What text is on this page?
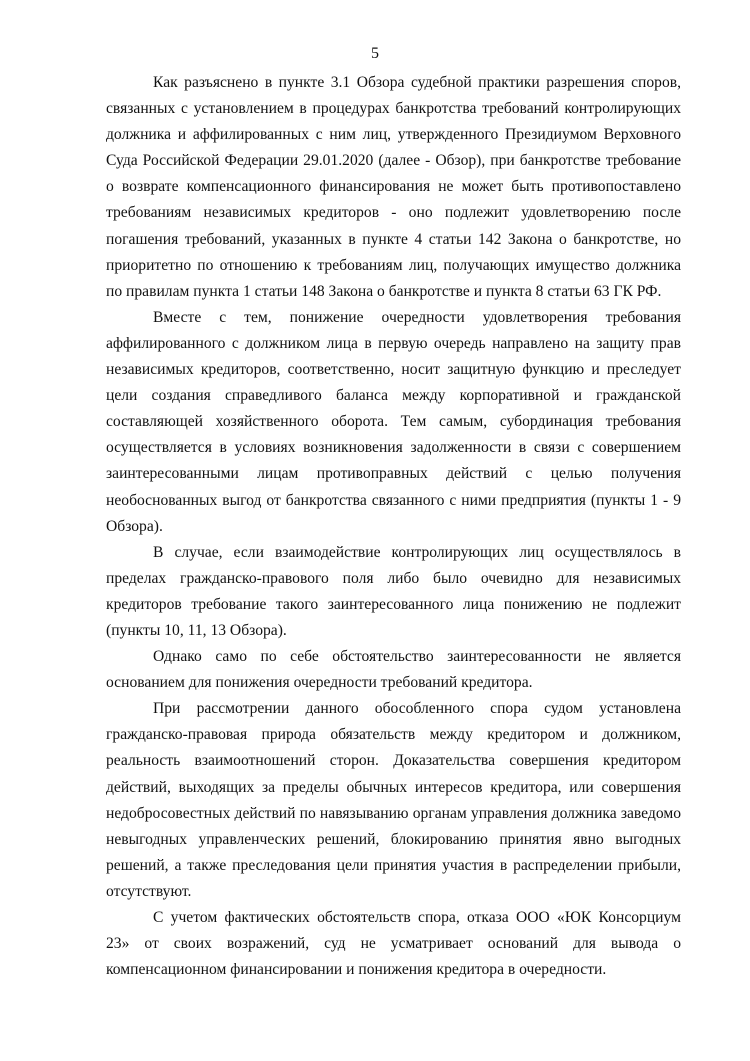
5

Как разъяснено в пункте 3.1 Обзора судебной практики разрешения споров, связанных с установлением в процедурах банкротства требований контролирующих должника и аффилированных с ним лиц, утвержденного Президиумом Верховного Суда Российской Федерации 29.01.2020 (далее - Обзор), при банкротстве требование о возврате компенсационного финансирования не может быть противопоставлено требованиям независимых кредиторов - оно подлежит удовлетворению после погашения требований, указанных в пункте 4 статьи 142 Закона о банкротстве, но приоритетно по отношению к требованиям лиц, получающих имущество должника по правилам пункта 1 статьи 148 Закона о банкротстве и пункта 8 статьи 63 ГК РФ.

Вместе с тем, понижение очередности удовлетворения требования аффилированного с должником лица в первую очередь направлено на защиту прав независимых кредиторов, соответственно, носит защитную функцию и преследует цели создания справедливого баланса между корпоративной и гражданской составляющей хозяйственного оборота. Тем самым, субординация требования осуществляется в условиях возникновения задолженности в связи с совершением заинтересованными лицам противоправных действий с целью получения необоснованных выгод от банкротства связанного с ними предприятия (пункты 1 - 9 Обзора).

В случае, если взаимодействие контролирующих лиц осуществлялось в пределах гражданско-правового поля либо было очевидно для независимых кредиторов требование такого заинтересованного лица понижению не подлежит (пункты 10, 11, 13 Обзора).

Однако само по себе обстоятельство заинтересованности не является основанием для понижения очередности требований кредитора.

При рассмотрении данного обособленного спора судом установлена гражданско-правовая природа обязательств между кредитором и должником, реальность взаимоотношений сторон. Доказательства совершения кредитором действий, выходящих за пределы обычных интересов кредитора, или совершения недобросовестных действий по навязыванию органам управления должника заведомо невыгодных управленческих решений, блокированию принятия явно выгодных решений, а также преследования цели принятия участия в распределении прибыли, отсутствуют.

С учетом фактических обстоятельств спора, отказа ООО «ЮК Консорциум 23» от своих возражений, суд не усматривает оснований для вывода о компенсационном финансировании и понижения кредитора в очередности.
